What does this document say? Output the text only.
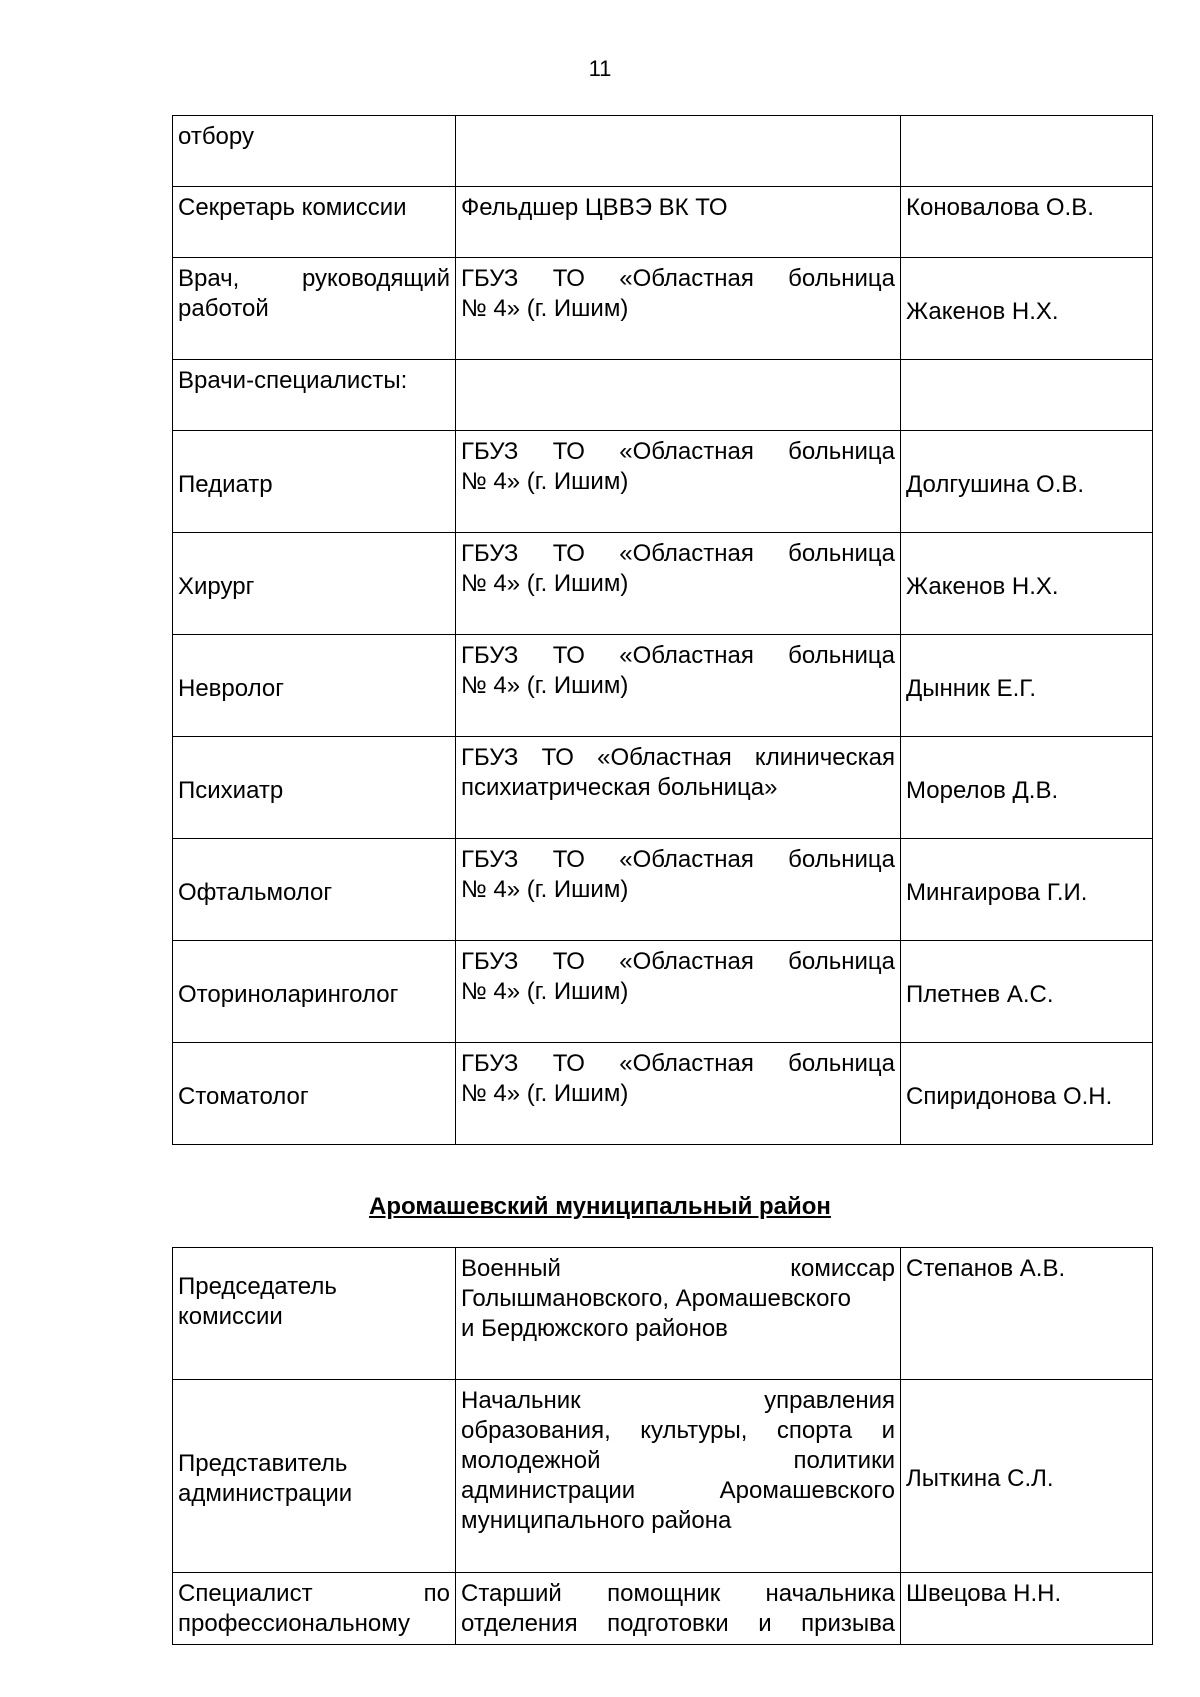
11
отбору		
Секретарь комиссии	Фельдшер ЦВВЭ ВК ТО	Коновалова О.В.

Врач, руководящий
работой	ГБУЗ ТО «Областная больница
№ 4» (г. Ишим)	Жакенов Н.Х.
Врачи-специалисты:		
Педиатр	ГБУЗ ТО «Областная больница
№ 4» (г. Ишим)	Долгушина О.В.
Хирург	ГБУЗ ТО «Областная больница
№ 4» (г. Ишим)	Жакенов Н.Х.
Невролог	ГБУЗ ТО «Областная больница
№ 4» (г. Ишим)	Дынник Е.Г.
Психиатр	ГБУЗ ТО «Областная клиническая
психиатрическая больница»	Морелов Д.В.
Офтальмолог	ГБУЗ ТО «Областная больница
№ 4» (г. Ишим)	Мингаирова Г.И.
Оториноларинголог	ГБУЗ ТО «Областная больница
№ 4» (г. Ишим)	Плетнев А.С.
Стоматолог	ГБУЗ ТО «Областная больница
№ 4» (г. Ишим)	Спиридонова О.Н.
Аромашевский муниципальный район
Председатель
комиссии	Военный комиссар
Голышмановского, Аромашевского
и Бердюжского районов	Степанов А.В.

Представитель
администрации	Начальник управления
образования, культуры, спорта и
молодежной политики
администрации Аромашевского
муниципального района	Лыткина С.Л.

Специалист по
профессиональному	Старший помощник начальника
отделения подготовки и призыва	Швецова Н.Н.
